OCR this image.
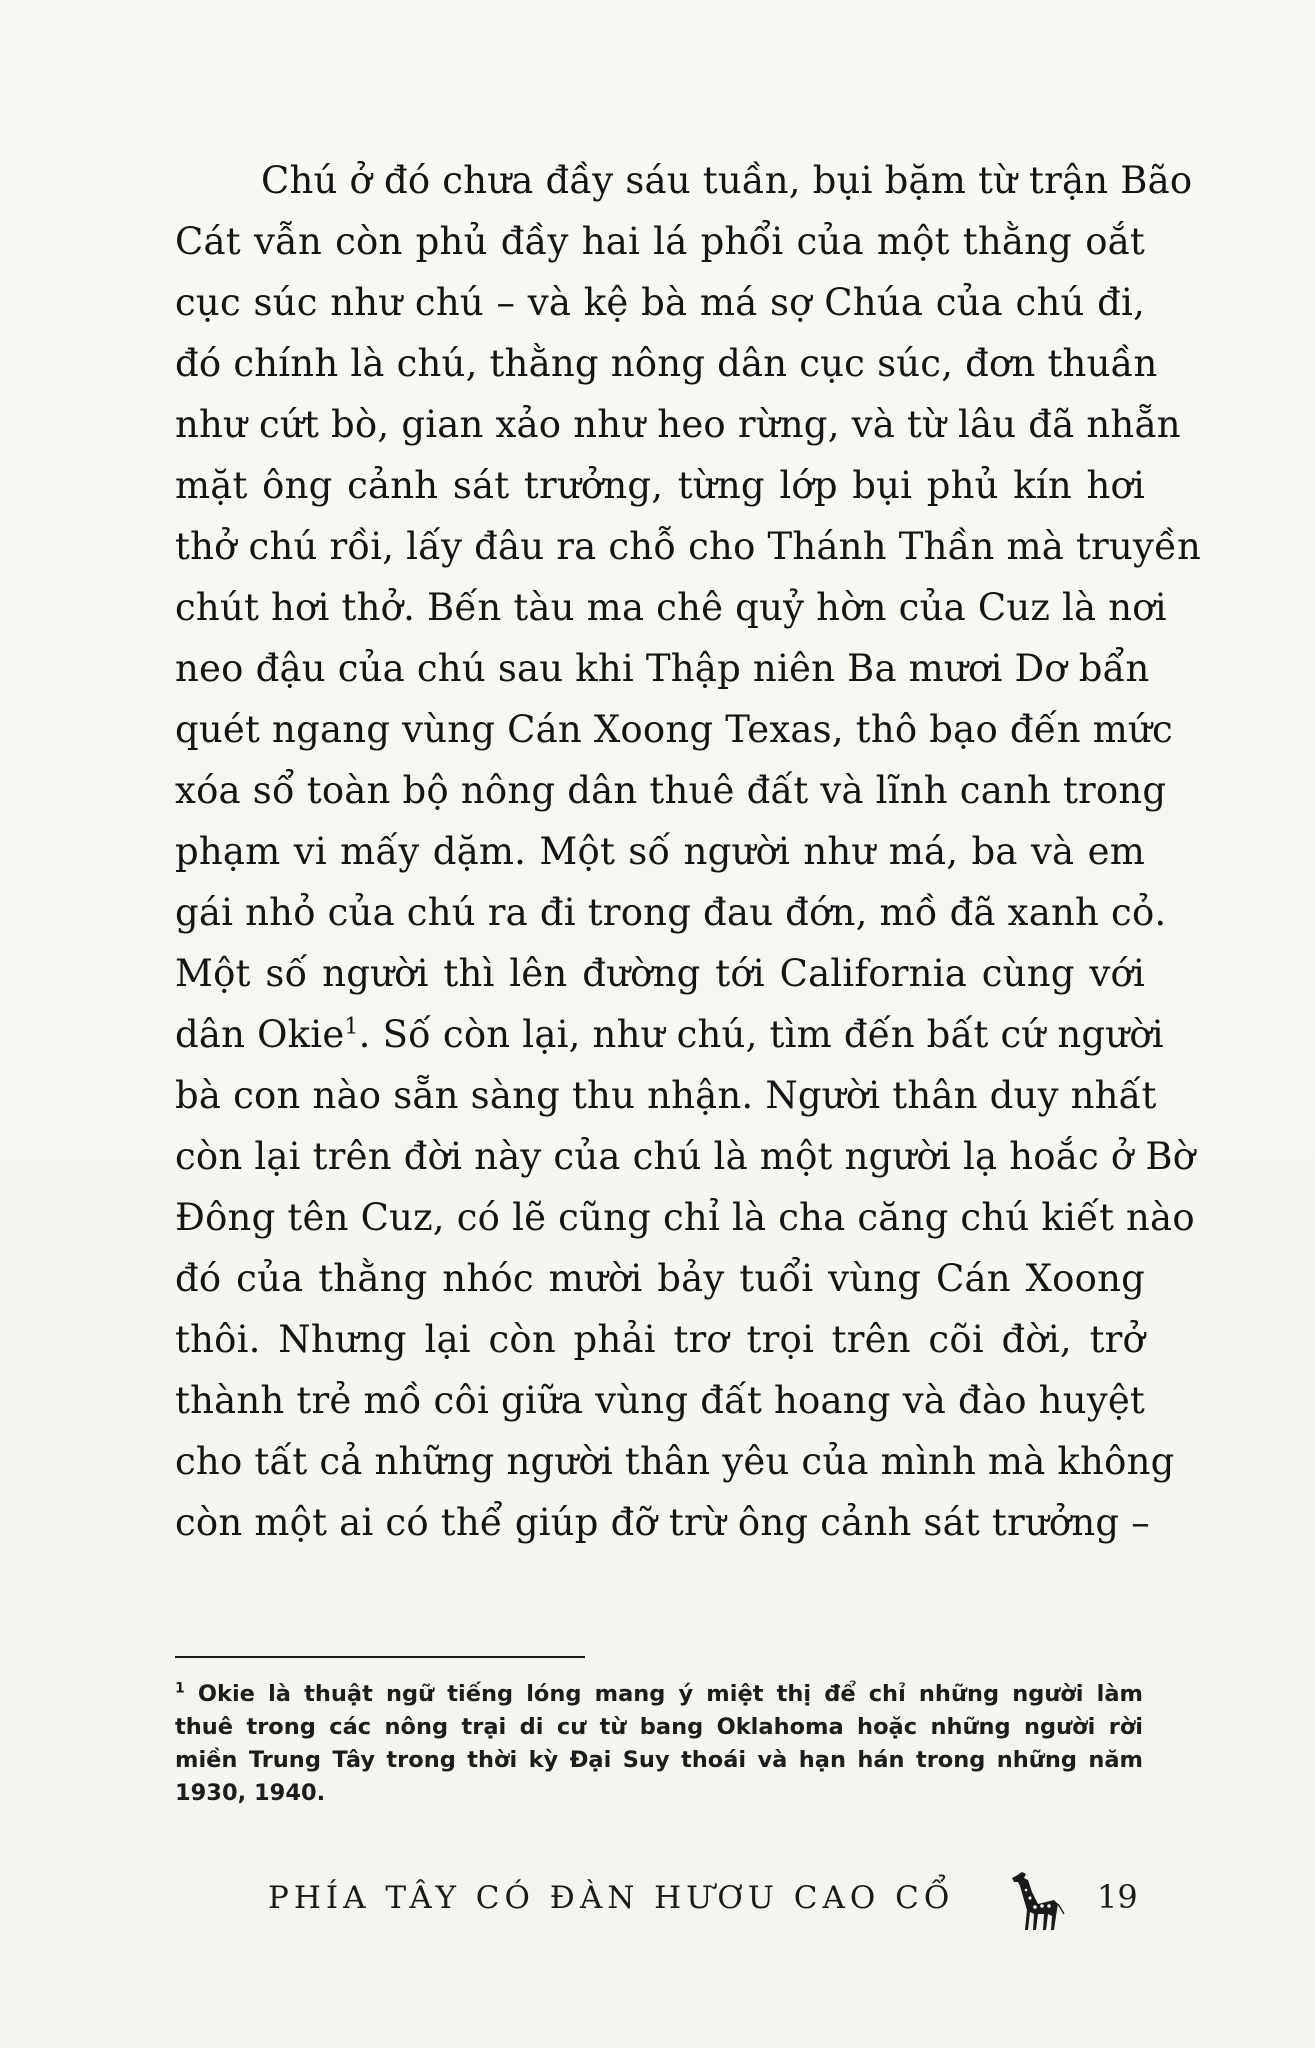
Chú ở đó chưa đầy sáu tuần, bụi bặm từ trận Bão
Cát vẫn còn phủ đầy hai lá phổi của một thằng oắt
cục súc như chú – và kệ bà má sợ Chúa của chú đi,
đó chính là chú, thằng nông dân cục súc, đơn thuần
như cứt bò, gian xảo như heo rừng, và từ lâu đã nhẵn
mặt ông cảnh sát trưởng, từng lớp bụi phủ kín hơi
thở chú rồi, lấy đâu ra chỗ cho Thánh Thần mà truyền
chút hơi thở. Bến tàu ma chê quỷ hờn của Cuz là nơi
neo đậu của chú sau khi Thập niên Ba mươi Dơ bẩn
quét ngang vùng Cán Xoong Texas, thô bạo đến mức
xóa sổ toàn bộ nông dân thuê đất và lĩnh canh trong
phạm vi mấy dặm. Một số người như má, ba và em
gái nhỏ của chú ra đi trong đau đớn, mồ đã xanh cỏ.
Một số người thì lên đường tới California cùng với
dân Okie$^1$. Số còn lại, như chú, tìm đến bất cứ người
bà con nào sẵn sàng thu nhận. Người thân duy nhất
còn lại trên đời này của chú là một người lạ hoắc ở Bờ
Đông tên Cuz, có lẽ cũng chỉ là cha căng chú kiết nào
đó của thằng nhóc mười bảy tuổi vùng Cán Xoong
thôi. Nhưng lại còn phải trơ trọi trên cõi đời, trở
thành trẻ mồ côi giữa vùng đất hoang và đào huyệt
cho tất cả những người thân yêu của mình mà không
còn một ai có thể giúp đỡ trừ ông cảnh sát trưởng –
$^1$ Okie là thuật ngữ tiếng lóng mang ý miệt thị để chỉ những người làm
thuê trong các nông trại di cư từ bang Oklahoma hoặc những người rời
miền Trung Tây trong thời kỳ Đại Suy thoái và hạn hán trong những năm
1930, 1940.
PHÍA TÂY CÓ ĐÀN HƯƠU CAO CỔ	19
